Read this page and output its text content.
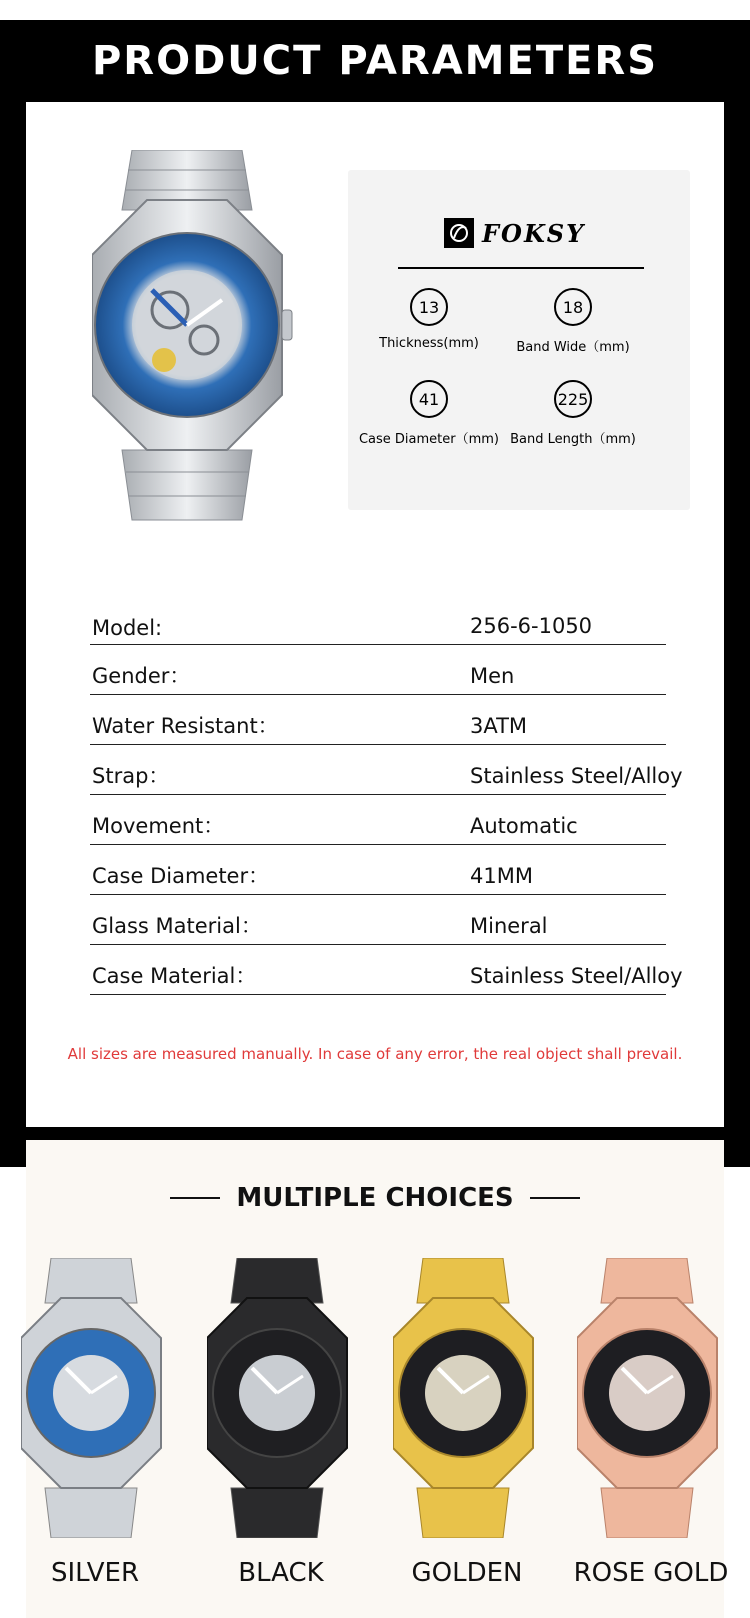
PRODUCT PARAMETERS
FOKSY
13
Thickness(mm)
18
Band Wide（mm)
41
Case Diameter（mm)
225
Band Length（mm)
Model:	256-6-1050
Gender：	Men
Water Resistant：	3ATM
Strap：	Stainless Steel/Alloy
Movement：	Automatic
Case Diameter：	41MM
Glass Material：	Mineral
Case Material：	Stainless Steel/Alloy

All sizes are measured manually. In case of any error, the real object shall prevail.

MULTIPLE CHOICES
SILVER	BLACK	GOLDEN	ROSE GOLD
